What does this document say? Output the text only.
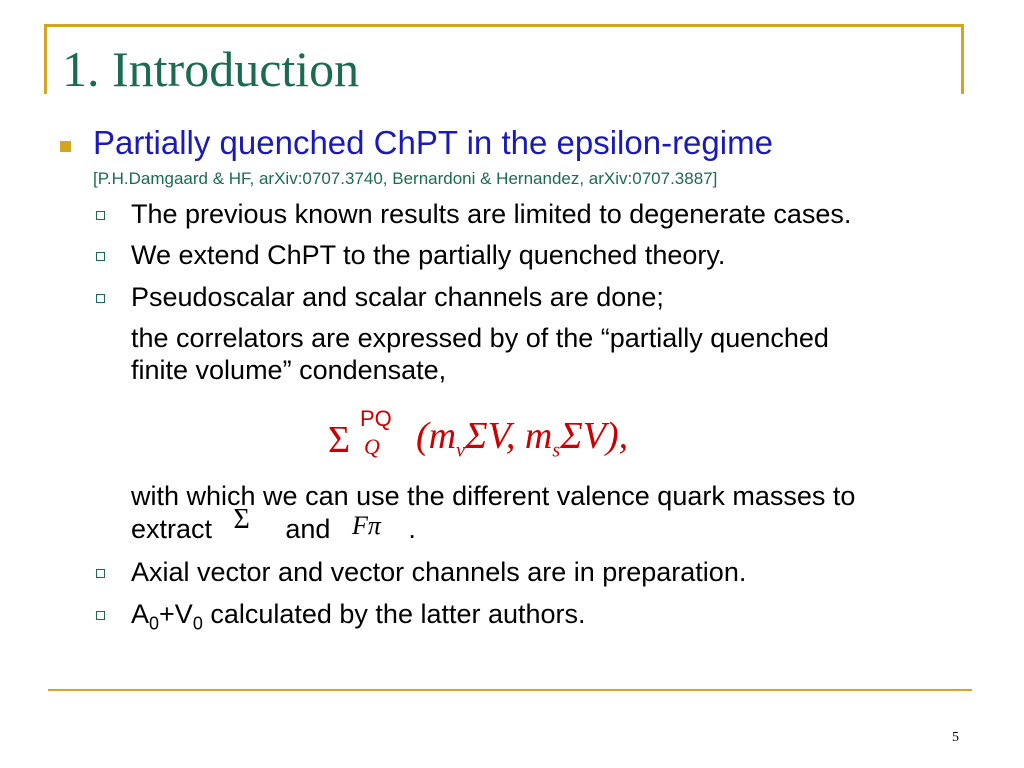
1. Introduction
Partially quenched ChPT in the epsilon-regime
[P.H.Damgaard & HF, arXiv:0707.3740, Bernardoni & Hernandez, arXiv:0707.3887]
The previous known results are limited to degenerate cases.
We extend ChPT to the partially quenched theory.
Pseudoscalar and scalar channels are done;
the correlators are expressed by of the “partially quenched
finite volume” condensate,
Σ
PQ
Q ($m_v\Sigma V$, $m_s\Sigma V$),
with which we can use the different valence quark masses to
extract Σ and Fπ .
Axial vector and vector channels are in preparation.
$A_0+V_0$ calculated by the latter authors.
5
